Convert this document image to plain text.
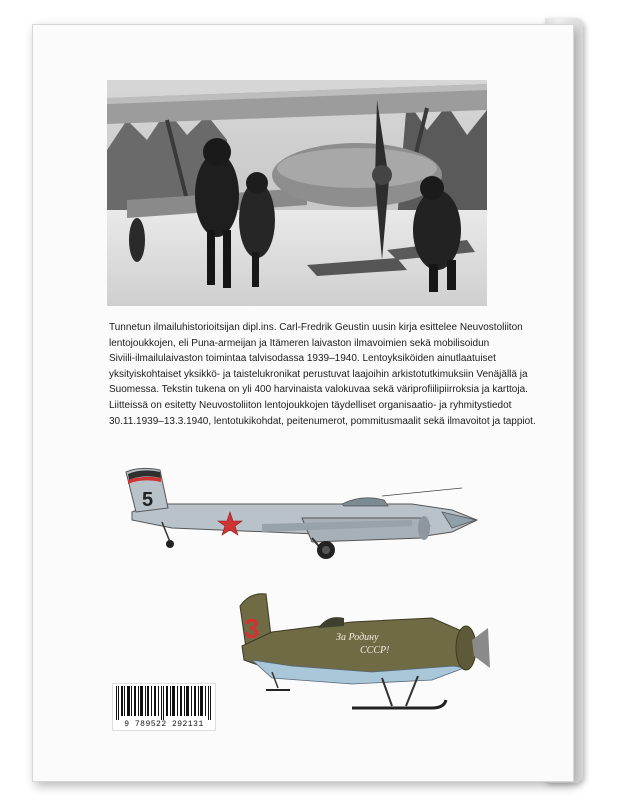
Tunnetun ilmailuhistorioitsijan dipl.ins. Carl-Fredrik Geustin uusin kirja esittelee Neuvostoliiton
lentojoukkojen, eli Puna-armeijan ja Itämeren laivaston ilmavoimien sekä mobilisoidun
Siviili-ilmailulaivaston toimintaa talvisodassa 1939–1940. Lentoyksiköiden ainutlaatuiset
yksityiskohtaiset yksikkö- ja taistelukronikat perustuvat laajoihin arkistotutkimuksiin Venäjällä ja
Suomessa. Tekstin tukena on yli 400 harvinaista valokuvaa sekä väriprofiilipiirroksia ja karttoja.
Liitteissä on esitetty Neuvostoliiton lentojoukkojen täydelliset organisaatio- ja ryhmitystiedot
30.11.1939–13.3.1940, lentotukikohdat, peitenumerot, pommitusmaalit sekä ilmavoitot ja tappiot.

5
3	За Родину
СССР!
9 789522 292131
